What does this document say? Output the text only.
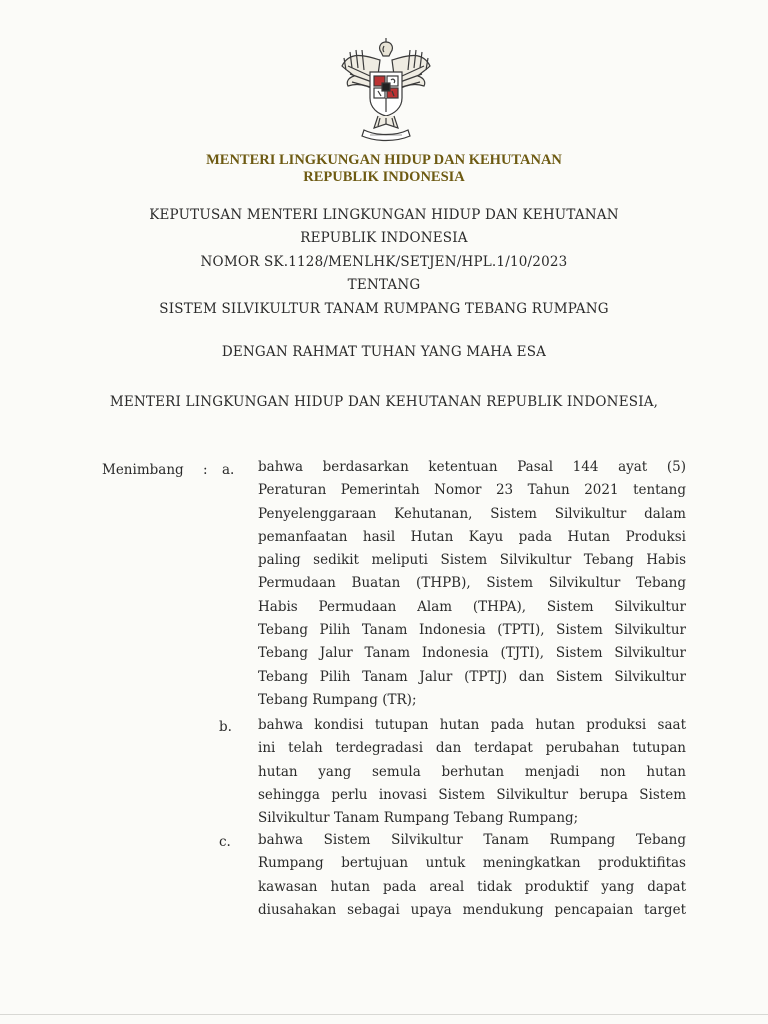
MENTERI LINGKUNGAN HIDUP DAN KEHUTANAN
REPUBLIK INDONESIA
KEPUTUSAN MENTERI LINGKUNGAN HIDUP DAN KEHUTANAN
REPUBLIK INDONESIA
NOMOR SK.1128/MENLHK/SETJEN/HPL.1/10/2023
TENTANG
SISTEM SILVIKULTUR TANAM RUMPANG TEBANG RUMPANG
DENGAN RAHMAT TUHAN YANG MAHA ESA
MENTERI LINGKUNGAN HIDUP DAN KEHUTANAN REPUBLIK INDONESIA,
Menimbang : a. bahwa berdasarkan ketentuan Pasal 144 ayat (5)
Peraturan Pemerintah Nomor 23 Tahun 2021 tentang
Penyelenggaraan Kehutanan, Sistem Silvikultur dalam
pemanfaatan hasil Hutan Kayu pada Hutan Produksi
paling sedikit meliputi Sistem Silvikultur Tebang Habis
Permudaan Buatan (THPB), Sistem Silvikultur Tebang
Habis Permudaan Alam (THPA), Sistem Silvikultur
Tebang Pilih Tanam Indonesia (TPTI), Sistem Silvikultur
Tebang Jalur Tanam Indonesia (TJTI), Sistem Silvikultur
Tebang Pilih Tanam Jalur (TPTJ) dan Sistem Silvikultur
Tebang Rumpang (TR);
b. bahwa kondisi tutupan hutan pada hutan produksi saat
ini telah terdegradasi dan terdapat perubahan tutupan
hutan yang semula berhutan menjadi non hutan
sehingga perlu inovasi Sistem Silvikultur berupa Sistem
Silvikultur Tanam Rumpang Tebang Rumpang;
c. bahwa Sistem Silvikultur Tanam Rumpang Tebang
Rumpang bertujuan untuk meningkatkan produktifitas
kawasan hutan pada areal tidak produktif yang dapat
diusahakan sebagai upaya mendukung pencapaian target
